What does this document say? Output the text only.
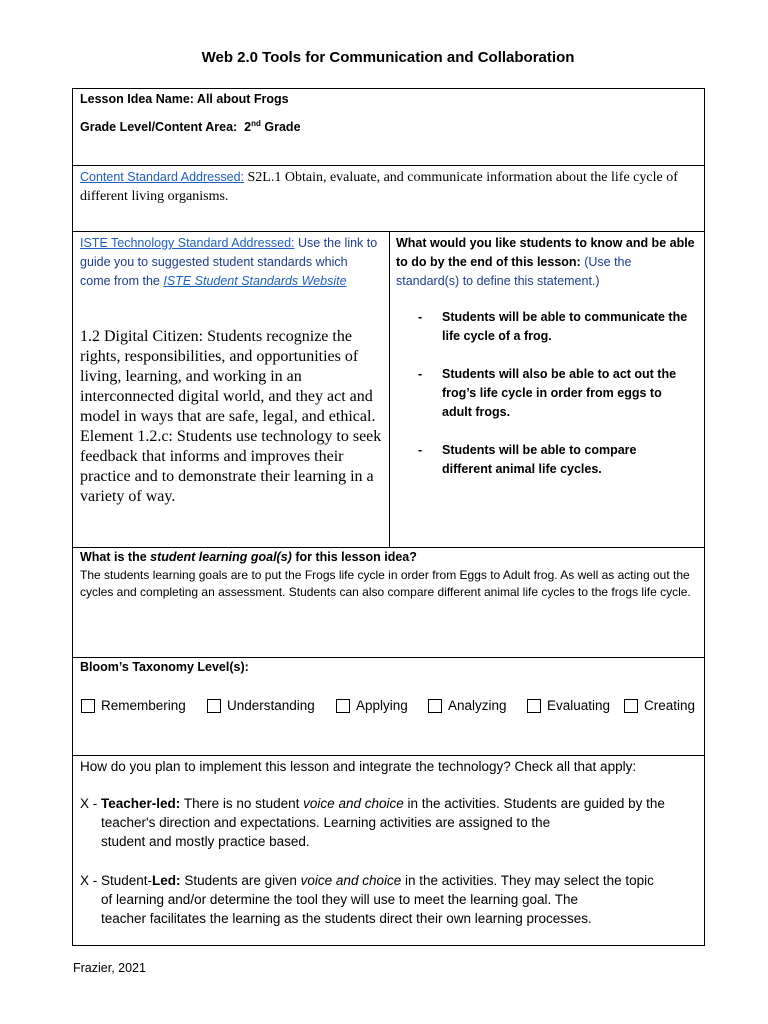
Web 2.0 Tools for Communication and Collaboration
Lesson Idea Name: All about Frogs
Grade Level/Content Area: 2nd Grade

Content Standard Addressed: S2L.1 Obtain, evaluate, and communicate information about the life cycle of different living organisms.

ISTE Technology Standard Addressed: Use the link to guide you to suggested student standards which come from the ISTE Student Standards Website

1.2 Digital Citizen: Students recognize the rights, responsibilities, and opportunities of living, learning, and working in an interconnected digital world, and they act and model in ways that are safe, legal, and ethical. Element 1.2.c: Students use technology to seek feedback that informs and improves their practice and to demonstrate their learning in a variety of way.

What would you like students to know and be able to do by the end of this lesson: (Use the standard(s) to define this statement.)

- Students will be able to communicate the life cycle of a frog.
- Students will also be able to act out the frog’s life cycle in order from eggs to adult frogs.
- Students will be able to compare different animal life cycles.
What is the student learning goal(s) for this lesson idea?

The students learning goals are to put the Frogs life cycle in order from Eggs to Adult frog. As well as acting out the cycles and completing an assessment. Students can also compare different animal life cycles to the frogs life cycle.

Bloom’s Taxonomy Level(s):
Remembering	Understanding	Applying	Analyzing	Evaluating	Creating
How do you plan to implement this lesson and integrate the technology? Check all that apply:
X - Teacher-led: There is no student voice and choice in the activities. Students are guided by the
teacher's direction and expectations. Learning activities are assigned to the
student and mostly practice based.
X - Student-Led: Students are given voice and choice in the activities. They may select the topic
of learning and/or determine the tool they will use to meet the learning goal. The
teacher facilitates the learning as the students direct their own learning processes.
Frazier, 2021
